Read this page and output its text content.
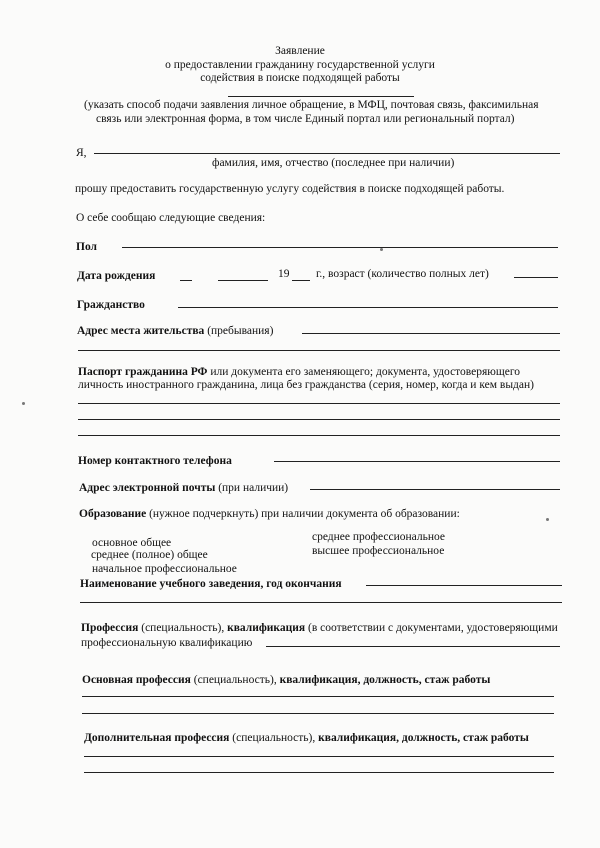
Заявление
о предоставлении гражданину государственной услуги
содействия в поиске подходящей работы
(указать способ подачи заявления личное обращение, в МФЦ, почтовая связь, факсимильная
связь или электронная форма, в том числе Единый портал или региональный портал)
Я,
фамилия, имя, отчество (последнее при наличии)
прошу предоставить государственную услугу содействия в поиске подходящей работы.
О себе сообщаю следующие сведения:
Пол
Дата рождения	19 г., возраст (количество полных лет)
Гражданство
Адрес места жительства (пребывания)
Паспорт гражданина РФ или документа его заменяющего; документа, удостоверяющего
личность иностранного гражданина, лица без гражданства (серия, номер, когда и кем выдан)
Номер контактного телефона
Адрес электронной почты (при наличии)
Образование (нужное подчеркнуть) при наличии документа об образовании:
основное общее
среднее (полное) общее
начальное профессиональное
среднее профессиональное
высшее профессиональное
Наименование учебного заведения, год окончания
Профессия (специальность), квалификация (в соответствии с документами, удостоверяющими
профессиональную квалификацию
Основная профессия (специальность), квалификация, должность, стаж работы
Дополнительная профессия (специальность), квалификация, должность, стаж работы
